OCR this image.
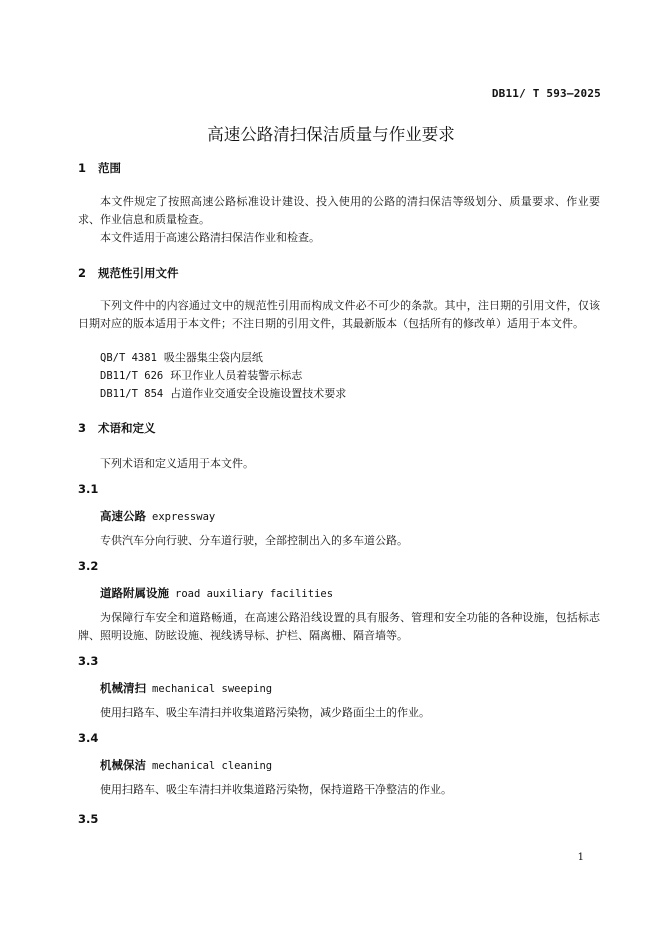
DB11/ T 593—2025
高速公路清扫保洁质量与作业要求
1 范围
本文件规定了按照高速公路标准设计建设、投入使用的公路的清扫保洁等级划分、质量要求、作业要求、作业信息和质量检查。
本文件适用于高速公路清扫保洁作业和检查。
2 规范性引用文件
下列文件中的内容通过文中的规范性引用而构成文件必不可少的条款。其中，注日期的引用文件，仅该日期对应的版本适用于本文件；不注日期的引用文件，其最新版本（包括所有的修改单）适用于本文件。
QB/T 4381 吸尘器集尘袋内层纸
DB11/T 626 环卫作业人员着装警示标志
DB11/T 854 占道作业交通安全设施设置技术要求
3 术语和定义
下列术语和定义适用于本文件。
3.1
高速公路 expressway
专供汽车分向行驶、分车道行驶，全部控制出入的多车道公路。
3.2
道路附属设施 road auxiliary facilities
为保障行车安全和道路畅通，在高速公路沿线设置的具有服务、管理和安全功能的各种设施，包括标志牌、照明设施、防眩设施、视线诱导标、护栏、隔离栅、隔音墙等。
3.3
机械清扫 mechanical sweeping
使用扫路车、吸尘车清扫并收集道路污染物，减少路面尘土的作业。
3.4
机械保洁 mechanical cleaning
使用扫路车、吸尘车清扫并收集道路污染物，保持道路干净整洁的作业。
3.5
1
